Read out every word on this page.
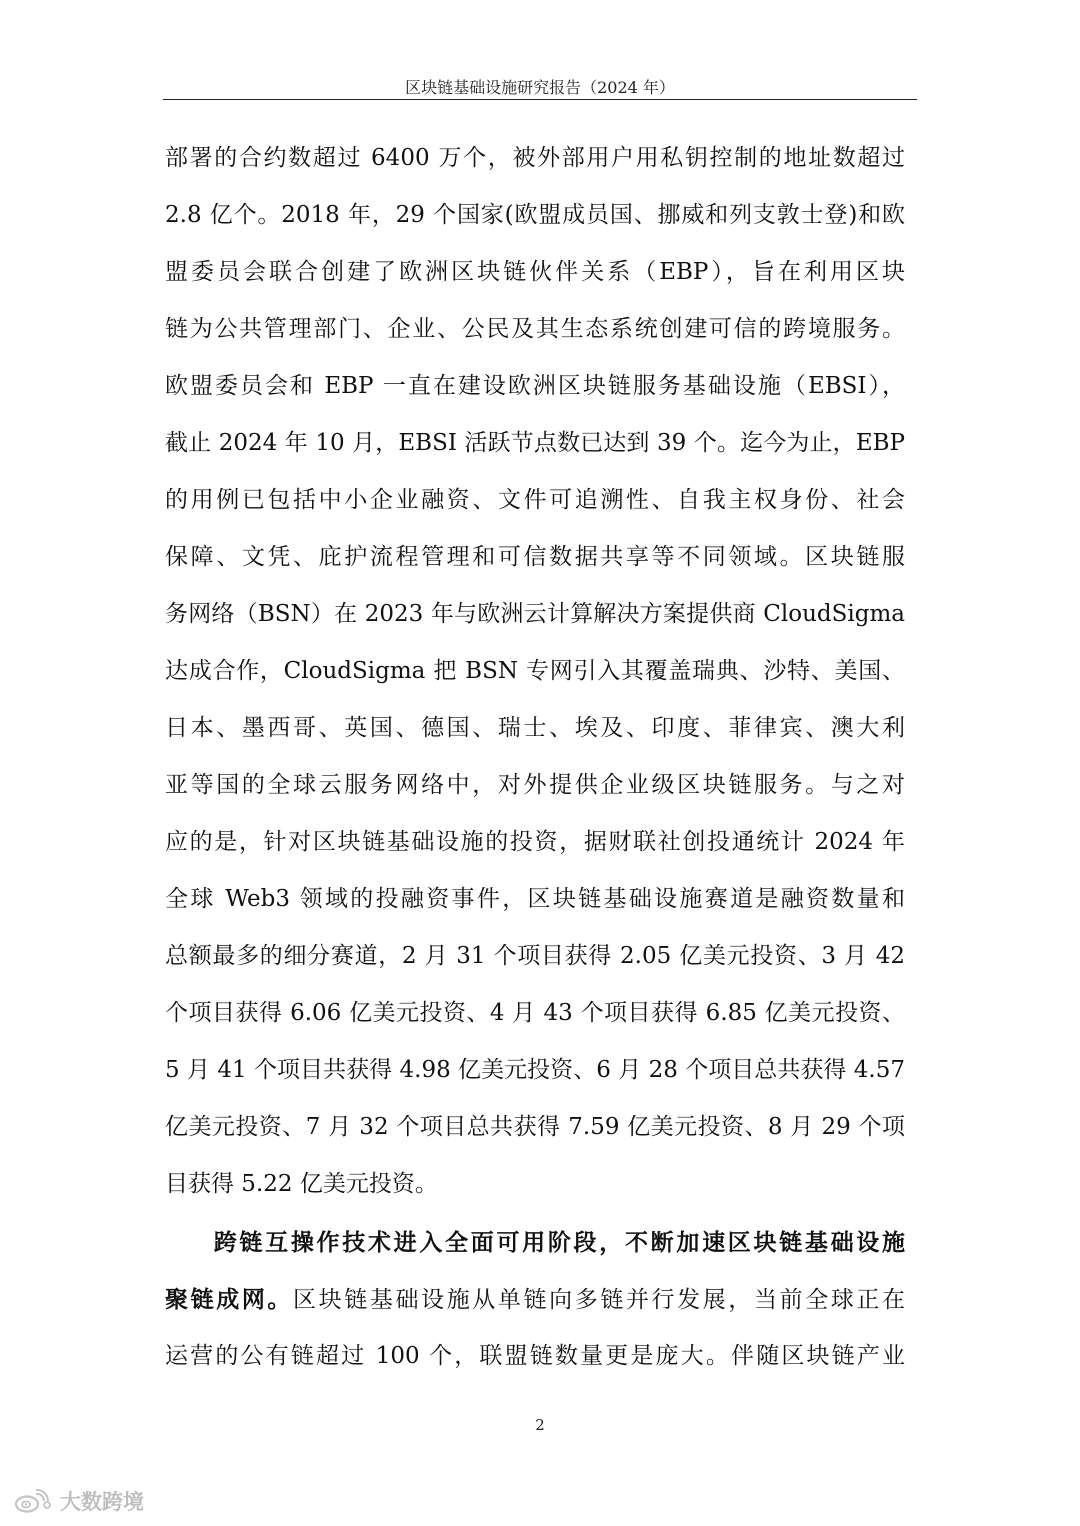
区块链基础设施研究报告（2024 年）
部署的合约数超过 6400 万个，被外部用户用私钥控制的地址数超过
2.8 亿个。2018 年，29 个国家(欧盟成员国、挪威和列支敦士登)和欧
盟委员会联合创建了欧洲区块链伙伴关系（EBP），旨在利用区块
链为公共管理部门、企业、公民及其生态系统创建可信的跨境服务。
欧盟委员会和 EBP 一直在建设欧洲区块链服务基础设施（EBSI），
截止 2024 年 10 月，EBSI 活跃节点数已达到 39 个。迄今为止，EBP
的用例已包括中小企业融资、文件可追溯性、自我主权身份、社会
保障、文凭、庇护流程管理和可信数据共享等不同领域。区块链服
务网络（BSN）在 2023 年与欧洲云计算解决方案提供商 CloudSigma
达成合作，CloudSigma 把 BSN 专网引入其覆盖瑞典、沙特、美国、
日本、墨西哥、英国、德国、瑞士、埃及、印度、菲律宾、澳大利
亚等国的全球云服务网络中，对外提供企业级区块链服务。与之对
应的是，针对区块链基础设施的投资，据财联社创投通统计 2024 年
全球 Web3 领域的投融资事件，区块链基础设施赛道是融资数量和
总额最多的细分赛道，2 月 31 个项目获得 2.05 亿美元投资、3 月 42
个项目获得 6.06 亿美元投资、4 月 43 个项目获得 6.85 亿美元投资、
5 月 41 个项目共获得 4.98 亿美元投资、6 月 28 个项目总共获得 4.57
亿美元投资、7 月 32 个项目总共获得 7.59 亿美元投资、8 月 29 个项
目获得 5.22 亿美元投资。
跨链互操作技术进入全面可用阶段，不断加速区块链基础设施
聚链成网。区块链基础设施从单链向多链并行发展，当前全球正在
运营的公有链超过 100 个，联盟链数量更是庞大。伴随区块链产业
2
大数跨境
